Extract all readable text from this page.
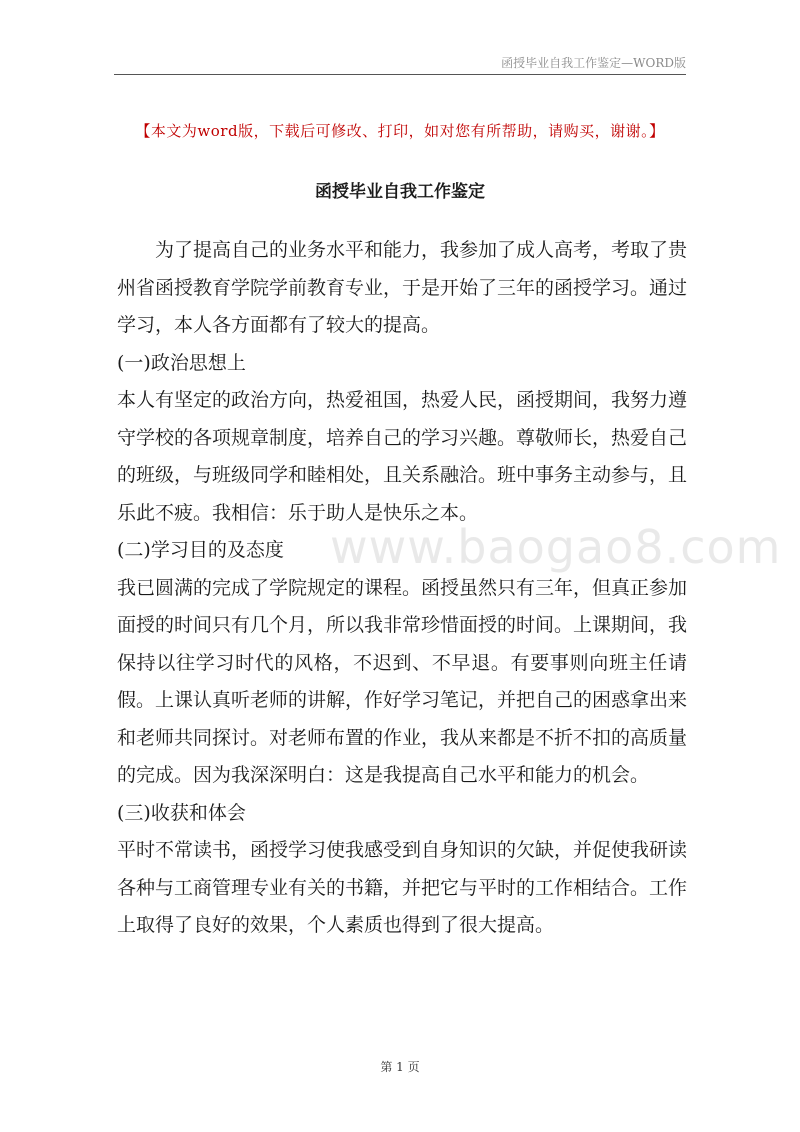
函授毕业自我工作鉴定—WORD版
【本文为word版，下载后可修改、打印，如对您有所帮助，请购买，谢谢。】
函授毕业自我工作鉴定
www.baogao8.com

为了提高自己的业务水平和能力，我参加了成人高考，考取了贵州省函授教育学院学前教育专业，于是开始了三年的函授学习。通过学习，本人各方面都有了较大的提高。

(一)政治思想上

本人有坚定的政治方向，热爱祖国，热爱人民，函授期间，我努力遵守学校的各项规章制度，培养自己的学习兴趣。尊敬师长，热爱自己的班级，与班级同学和睦相处，且关系融洽。班中事务主动参与，且乐此不疲。我相信：乐于助人是快乐之本。

(二)学习目的及态度

我已圆满的完成了学院规定的课程。函授虽然只有三年，但真正参加面授的时间只有几个月，所以我非常珍惜面授的时间。上课期间，我保持以往学习时代的风格，不迟到、不早退。有要事则向班主任请假。上课认真听老师的讲解，作好学习笔记，并把自己的困惑拿出来和老师共同探讨。对老师布置的作业，我从来都是不折不扣的高质量的完成。因为我深深明白：这是我提高自己水平和能力的机会。

(三)收获和体会

平时不常读书，函授学习使我感受到自身知识的欠缺，并促使我研读各种与工商管理专业有关的书籍，并把它与平时的工作相结合。工作上取得了良好的效果，个人素质也得到了很大提高。

第 1 页
